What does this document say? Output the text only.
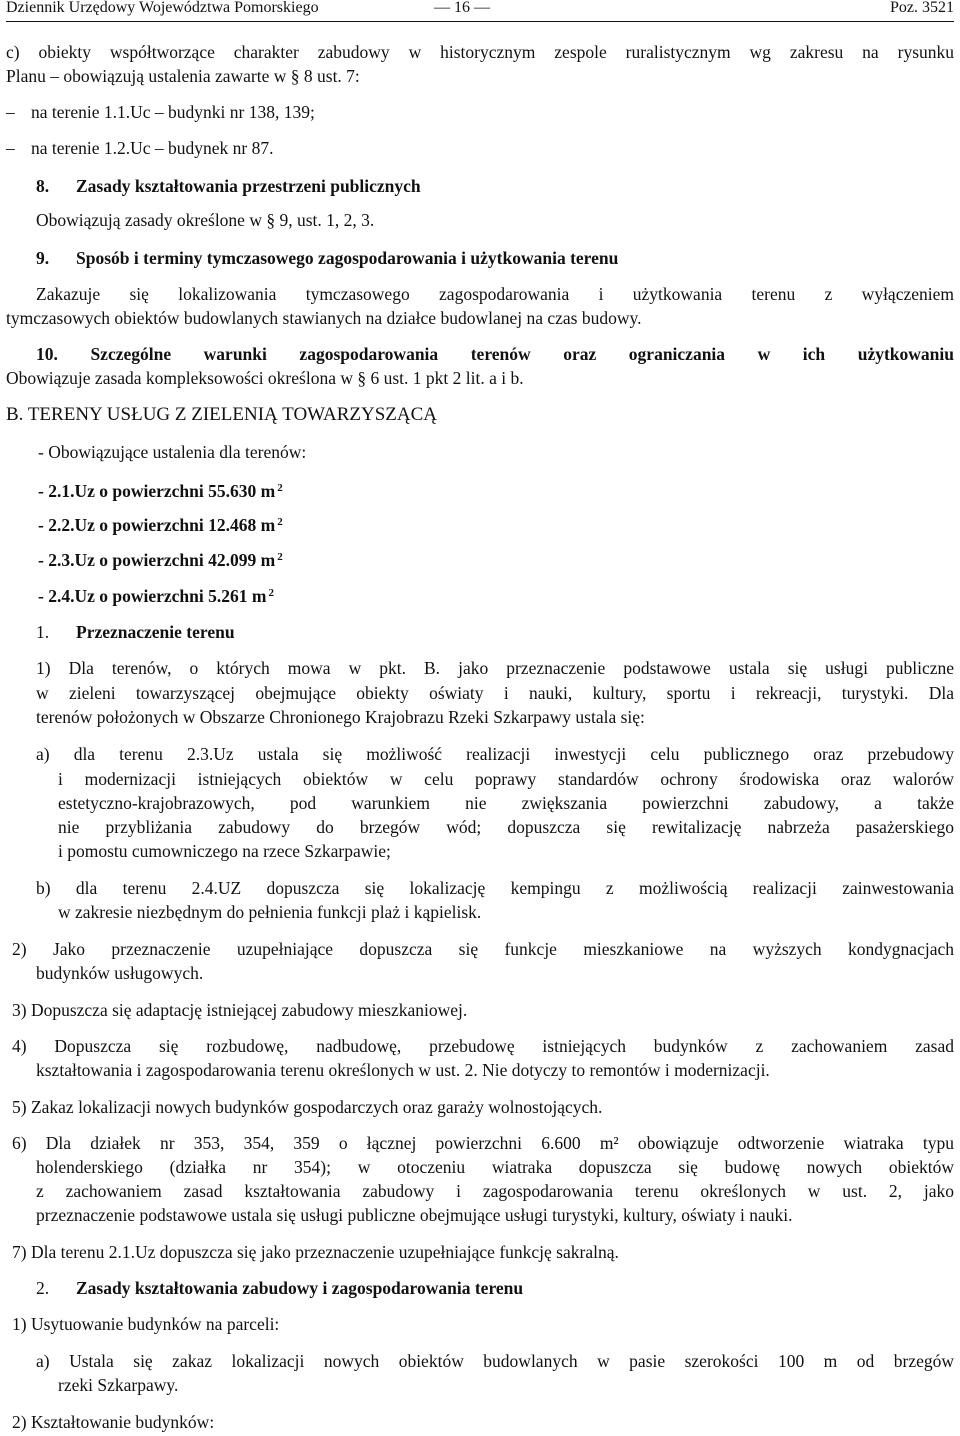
Dziennik Urzędowy Województwa Pomorskiego	— 16 —	Poz. 3521
c) obiekty współtworzące charakter zabudowy w historycznym zespole ruralistycznym wg zakresu na rysunku
Planu – obowiązują ustalenia zawarte w § 8 ust. 7:
– na terenie 1.1.Uc – budynki nr 138, 139;
– na terenie 1.2.Uc – budynek nr 87.
8. Zasady kształtowania przestrzeni publicznych
Obowiązują zasady określone w § 9, ust. 1, 2, 3.
9. Sposób i terminy tymczasowego zagospodarowania i użytkowania terenu
Zakazuje się lokalizowania tymczasowego zagospodarowania i użytkowania terenu z wyłączeniem
tymczasowych obiektów budowlanych stawianych na działce budowlanej na czas budowy.
10. Szczególne warunki zagospodarowania terenów oraz ograniczania w ich użytkowaniu
Obowiązuje zasada kompleksowości określona w § 6 ust. 1 pkt 2 lit. a i b.
B. TERENY USŁUG Z ZIELENIĄ TOWARZYSZĄCĄ
- Obowiązujące ustalenia dla terenów:
- 2.1.Uz o powierzchni 55.630 m $^2$
- 2.2.Uz o powierzchni 12.468 m $^2$
- 2.3.Uz o powierzchni 42.099 m $^2$
- 2.4.Uz o powierzchni 5.261 m $^2$
1. Przeznaczenie terenu
1) Dla terenów, o których mowa w pkt. B. jako przeznaczenie podstawowe ustala się usługi publiczne
w zieleni towarzyszącej obejmujące obiekty oświaty i nauki, kultury, sportu i rekreacji, turystyki. Dla
terenów położonych w Obszarze Chronionego Krajobrazu Rzeki Szkarpawy ustala się:
a) dla terenu 2.3.Uz ustala się możliwość realizacji inwestycji celu publicznego oraz przebudowy
i modernizacji istniejących obiektów w celu poprawy standardów ochrony środowiska oraz walorów
estetyczno-krajobrazowych, pod warunkiem nie zwiększania powierzchni zabudowy, a także
nie przybliżania zabudowy do brzegów wód; dopuszcza się rewitalizację nabrzeża pasażerskiego
i pomostu cumowniczego na rzece Szkarpawie;
b) dla terenu 2.4.UZ dopuszcza się lokalizację kempingu z możliwością realizacji zainwestowania
w zakresie niezbędnym do pełnienia funkcji plaż i kąpielisk.
2) Jako przeznaczenie uzupełniające dopuszcza się funkcje mieszkaniowe na wyższych kondygnacjach
budynków usługowych.
3) Dopuszcza się adaptację istniejącej zabudowy mieszkaniowej.
4) Dopuszcza się rozbudowę, nadbudowę, przebudowę istniejących budynków z zachowaniem zasad
kształtowania i zagospodarowania terenu określonych w ust. 2. Nie dotyczy to remontów i modernizacji.
5) Zakaz lokalizacji nowych budynków gospodarczych oraz garaży wolnostojących.
6) Dla działek nr 353, 354, 359 o łącznej powierzchni 6.600 m² obowiązuje odtworzenie wiatraka typu
holenderskiego (działka nr 354); w otoczeniu wiatraka dopuszcza się budowę nowych obiektów
z zachowaniem zasad kształtowania zabudowy i zagospodarowania terenu określonych w ust. 2, jako
przeznaczenie podstawowe ustala się usługi publiczne obejmujące usługi turystyki, kultury, oświaty i nauki.
7) Dla terenu 2.1.Uz dopuszcza się jako przeznaczenie uzupełniające funkcję sakralną.
2. Zasady kształtowania zabudowy i zagospodarowania terenu
1) Usytuowanie budynków na parceli:
a) Ustala się zakaz lokalizacji nowych obiektów budowlanych w pasie szerokości 100 m od brzegów
rzeki Szkarpawy.
2) Kształtowanie budynków:
